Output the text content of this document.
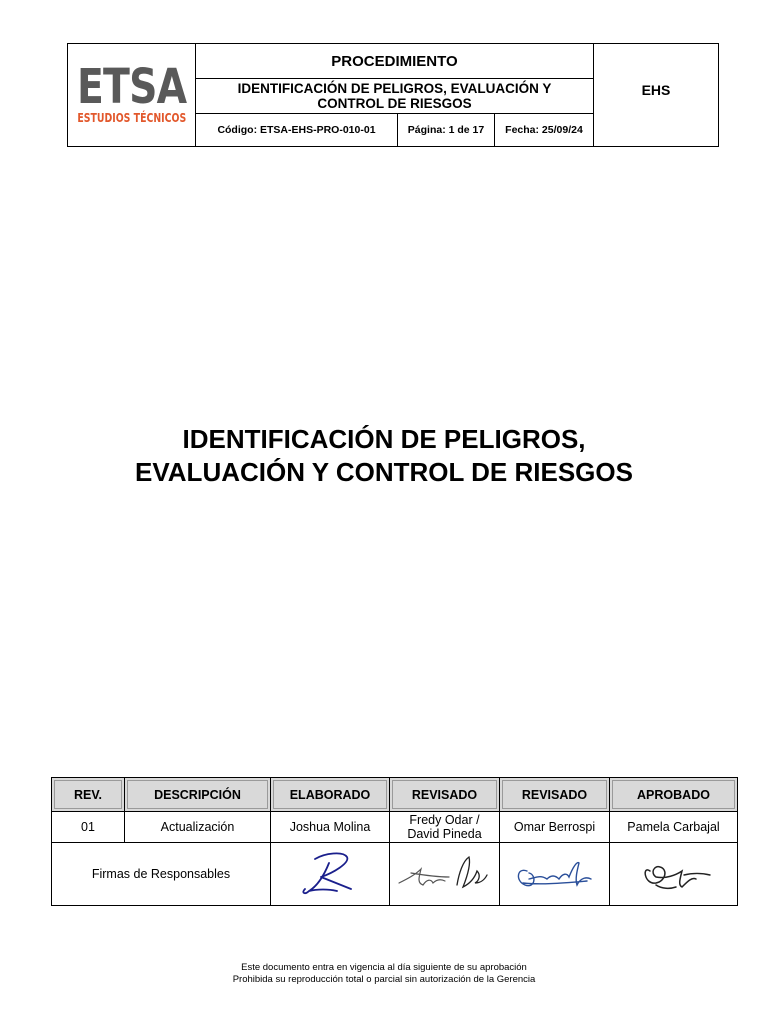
ETSA
ESTUDIOS TÉCNICOS
PROCEDIMIENTO
IDENTIFICACIÓN DE PELIGROS, EVALUACIÓN Y CONTROL DE RIESGOS
Código: ETSA-EHS-PRO-010-01	Página: 1 de 17	Fecha: 25/09/24
EHS
IDENTIFICACIÓN DE PELIGROS,
EVALUACIÓN Y CONTROL DE RIESGOS
REV.	DESCRIPCIÓN	ELABORADO	REVISADO	REVISADO	APROBADO
01	Actualización	Joshua Molina	Fredy Odar /
David Pineda	Omar Berrospi	Pamela Carbajal
Firmas de Responsables	

Este documento entra en vigencia al día siguiente de su aprobación
Prohibida su reproducción total o parcial sin autorización de la Gerencia
